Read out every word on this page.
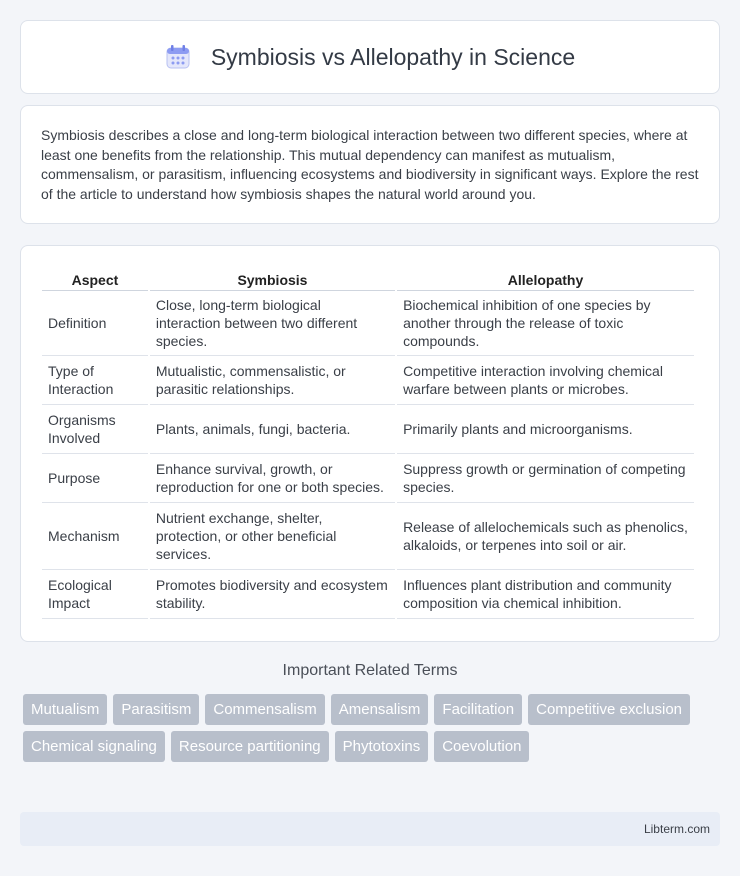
Symbiosis vs Allelopathy in Science

Symbiosis describes a close and long-term biological interaction between two different species, where at least one benefits from the relationship. This mutual dependency can manifest as mutualism, commensalism, or parasitism, influencing ecosystems and biodiversity in significant ways. Explore the rest of the article to understand how symbiosis shapes the natural world around you.

Aspect	Symbiosis	Allelopathy
Definition	Close, long-term biological interaction between two different species.	Biochemical inhibition of one species by another through the release of toxic compounds.
Type of Interaction	Mutualistic, commensalistic, or parasitic relationships.	Competitive interaction involving chemical warfare between plants or microbes.
Organisms Involved	Plants, animals, fungi, bacteria.	Primarily plants and microorganisms.
Purpose	Enhance survival, growth, or reproduction for one or both species.	Suppress growth or germination of competing species.
Mechanism	Nutrient exchange, shelter, protection, or other beneficial services.	Release of allelochemicals such as phenolics, alkaloids, or terpenes into soil or air.
Ecological Impact	Promotes biodiversity and ecosystem stability.	Influences plant distribution and community composition via chemical inhibition.
Important Related Terms
Mutualism	Parasitism	Commensalism	Amensalism	Facilitation	Competitive exclusion
Chemical signaling	Resource partitioning	Phytotoxins	Coevolution
Libterm.com
